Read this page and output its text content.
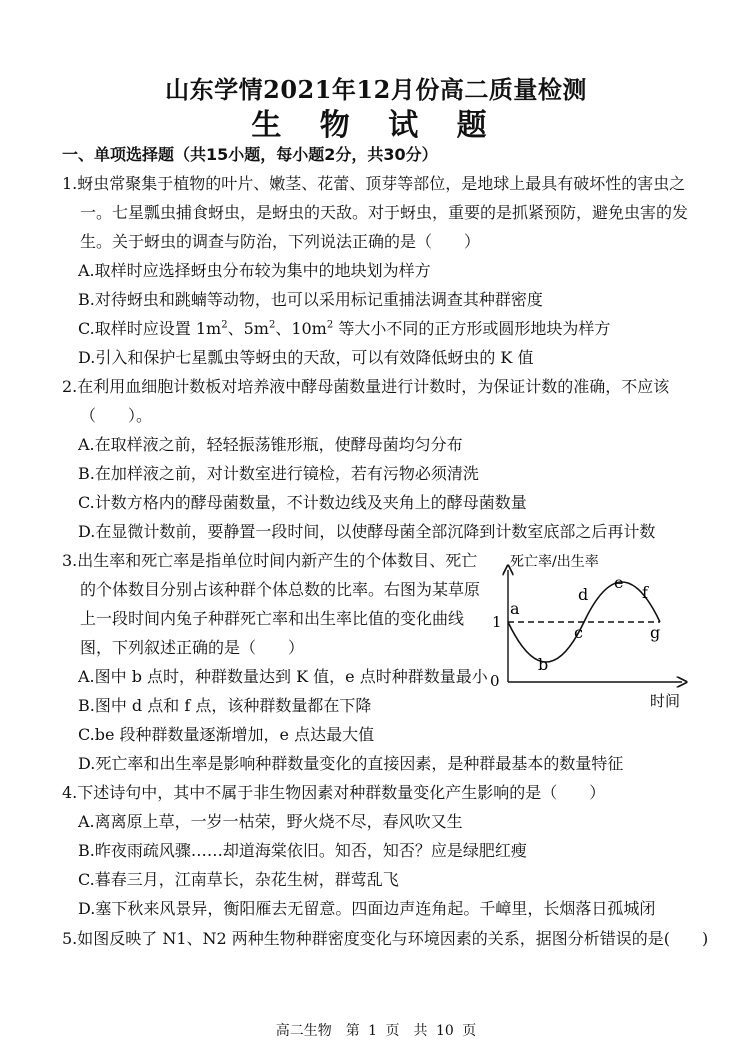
山东学情2021年12月份高二质量检测
生 物 试 题
一、单项选择题（共15小题，每小题2分，共30分）
1.蚜虫常聚集于植物的叶片、嫩茎、花蕾、顶芽等部位，是地球上最具有破坏性的害虫之
一。七星瓢虫捕食蚜虫，是蚜虫的天敌。对于蚜虫，重要的是抓紧预防，避免虫害的发
生。关于蚜虫的调查与防治，下列说法正确的是（　　）
A.取样时应选择蚜虫分布较为集中的地块划为样方
B.对待蚜虫和跳蝻等动物，也可以采用标记重捕法调查其种群密度
C.取样时应设置 $1m^2$、$5m^2$、$10m^2$ 等大小不同的正方形或圆形地块为样方
D.引入和保护七星瓢虫等蚜虫的天敌，可以有效降低蚜虫的 K 值
2.在利用血细胞计数板对培养液中酵母菌数量进行计数时，为保证计数的准确，不应该
（　　）。
A.在取样液之前，轻轻振荡锥形瓶，使酵母菌均匀分布
B.在加样液之前，对计数室进行镜检，若有污物必须清洗
C.计数方格内的酵母菌数量，不计数边线及夹角上的酵母菌数量
D.在显微计数前，要静置一段时间，以使酵母菌全部沉降到计数室底部之后再计数
3.出生率和死亡率是指单位时间内新产生的个体数目、死亡
的个体数目分别占该种群个体总数的比率。右图为某草原
上一段时间内兔子种群死亡率和出生率比值的变化曲线
图，下列叙述正确的是（　　）
A.图中 b 点时，种群数量达到 K 值，e 点时种群数量最小
B.图中 d 点和 f 点，该种群数量都在下降
C.be 段种群数量逐渐增加，e 点达最大值
D.死亡率和出生率是影响种群数量变化的直接因素，是种群最基本的数量特征
死亡率/出生率
时间
1
0
a
b
c
d
e
f
g
4.下述诗句中，其中不属于非生物因素对种群数量变化产生影响的是（　　）
A.离离原上草，一岁一枯荣，野火烧不尽，春风吹又生
B.昨夜雨疏风骤……却道海棠依旧。知否，知否？应是绿肥红瘦
C.暮春三月，江南草长，杂花生树，群莺乱飞
D.塞下秋来风景异，衡阳雁去无留意。四面边声连角起。千嶂里，长烟落日孤城闭
5.如图反映了 N1、N2 两种生物种群密度变化与环境因素的关系，据图分析错误的是(　　)
高二生物　第 1 页　共 10 页
